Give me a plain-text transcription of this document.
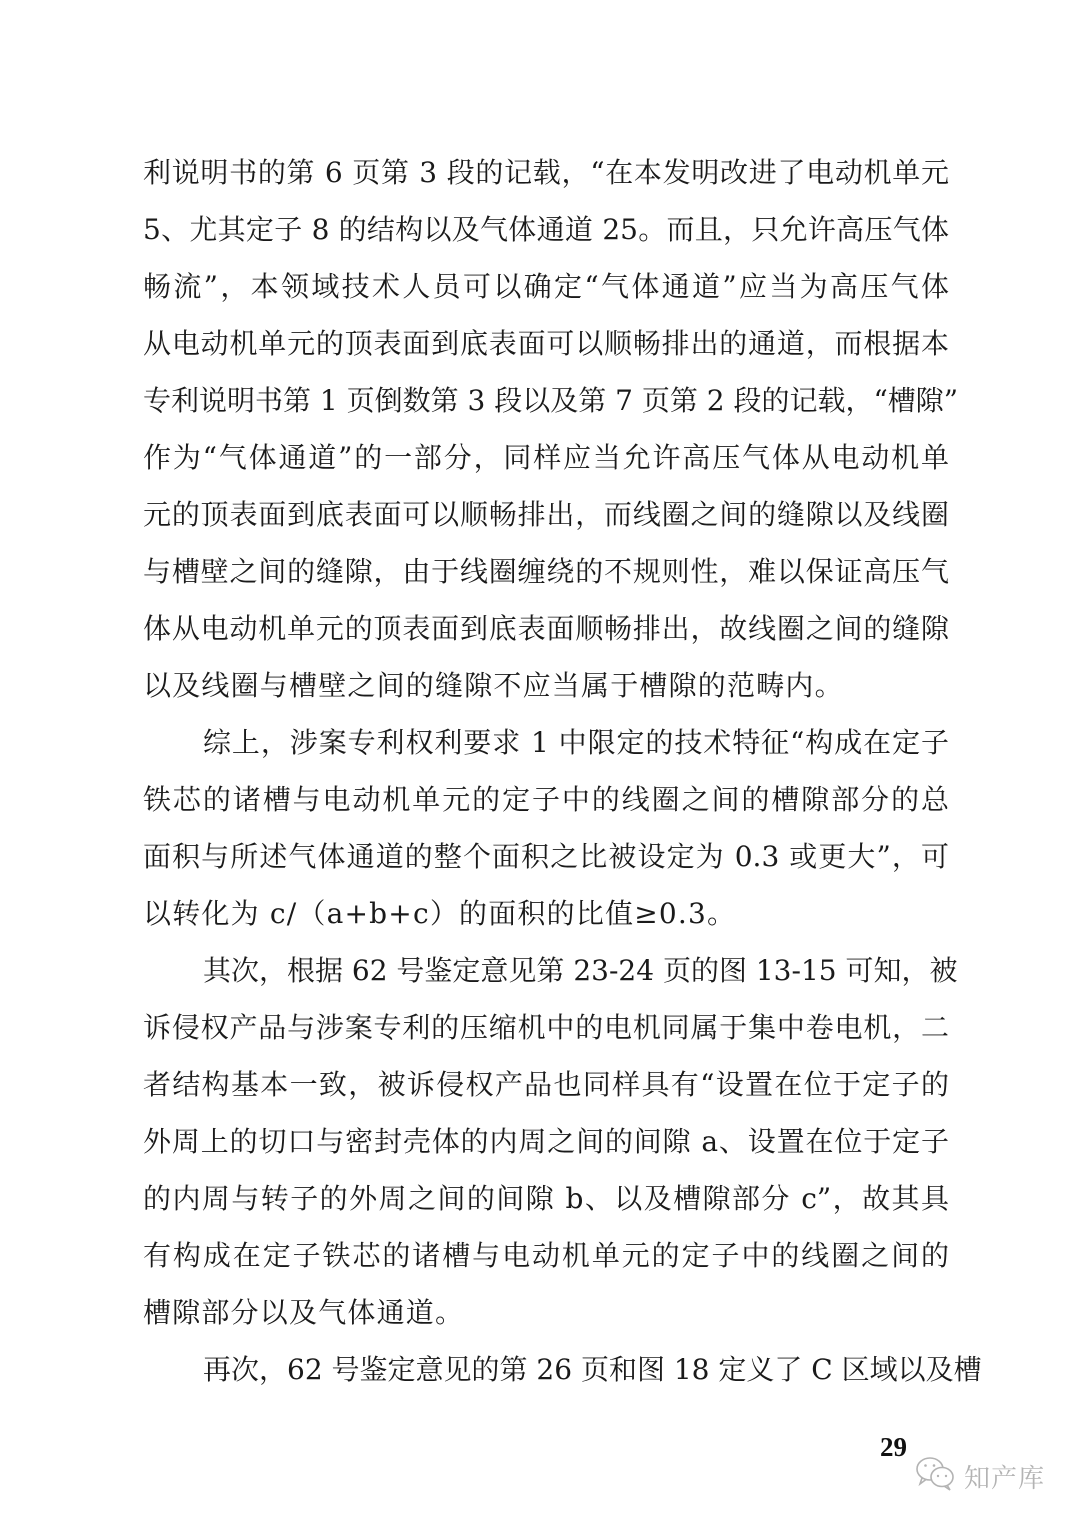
利说明书的第 6 页第 3 段的记载，“在本发明改进了电动机单元
5、尤其定子 8 的结构以及气体通道 25。而且，只允许高压气体
畅流”，本领域技术人员可以确定“气体通道”应当为高压气体
从电动机单元的顶表面到底表面可以顺畅排出的通道，而根据本
专利说明书第 1 页倒数第 3 段以及第 7 页第 2 段的记载，“槽隙”
作为“气体通道”的一部分，同样应当允许高压气体从电动机单
元的顶表面到底表面可以顺畅排出，而线圈之间的缝隙以及线圈
与槽壁之间的缝隙，由于线圈缠绕的不规则性，难以保证高压气
体从电动机单元的顶表面到底表面顺畅排出，故线圈之间的缝隙
以及线圈与槽壁之间的缝隙不应当属于槽隙的范畴内。
综上，涉案专利权利要求 1 中限定的技术特征“构成在定子
铁芯的诸槽与电动机单元的定子中的线圈之间的槽隙部分的总
面积与所述气体通道的整个面积之比被设定为 0.3 或更大”，可
以转化为 c/（a+b+c）的面积的比值≥0.3。
其次，根据 62 号鉴定意见第 23-24 页的图 13-15 可知，被
诉侵权产品与涉案专利的压缩机中的电机同属于集中卷电机，二
者结构基本一致，被诉侵权产品也同样具有“设置在位于定子的
外周上的切口与密封壳体的内周之间的间隙 a、设置在位于定子
的内周与转子的外周之间的间隙 b、以及槽隙部分 c”，故其具
有构成在定子铁芯的诸槽与电动机单元的定子中的线圈之间的
槽隙部分以及气体通道。
再次，62 号鉴定意见的第 26 页和图 18 定义了 C 区域以及槽
29
知产库
